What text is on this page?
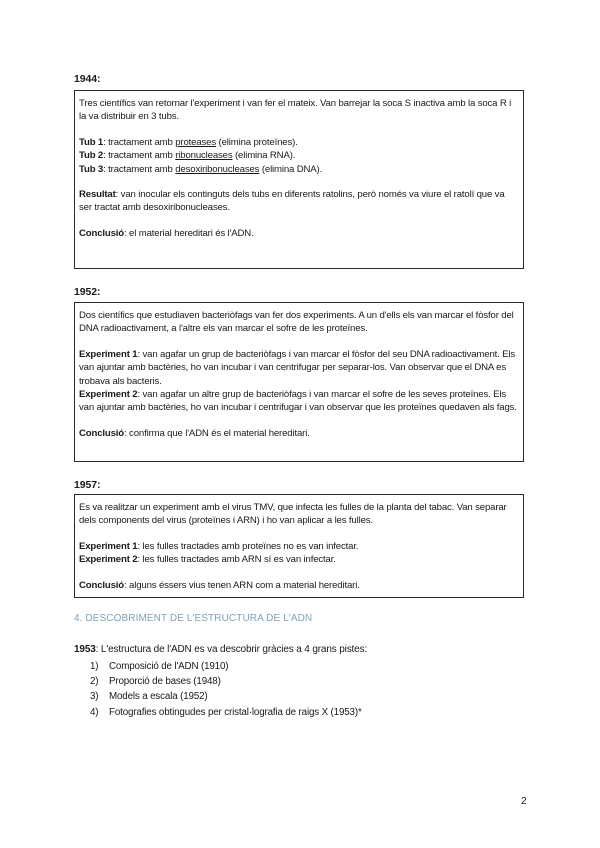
1944:

Tres científics van retornar l'experiment i van fer el mateix. Van barrejar la soca S inactiva amb la soca R i la va distribuir en 3 tubs.

Tub 1: tractament amb proteases (elimina proteïnes).

Tub 2: tractament amb ribonucleases (elimina RNA).

Tub 3: tractament amb desoxiribonucleases (elimina DNA).

Resultat: van inocular els continguts dels tubs en diferents ratolins, però només va viure el ratolí que va ser tractat amb desoxiribonucleases.

Conclusió: el material hereditari és l'ADN.

1952:

Dos científics que estudiaven bacteriòfags van fer dos experiments. A un d'ells els van marcar el fòsfor del DNA radioactivament, a l'altre els van marcar el sofre de les proteïnes.

Experiment 1: van agafar un grup de bacteriòfags i van marcar el fòsfor del seu DNA radioactivament. Els van ajuntar amb bactèries, ho van incubar i van centrifugar per separar-los. Van observar que el DNA es trobava als bacteris.

Experiment 2: van agafar un altre grup de bacteriòfags i van marcar el sofre de les seves proteïnes. Els van ajuntar amb bactèries, ho van incubar i centrifugar i van observar que les proteïnes quedaven als fags.

Conclusió: confirma que l'ADN és el material hereditari.

1957:

Es va realitzar un experiment amb el virus TMV, que infecta les fulles de la planta del tabac. Van separar dels components del virus (proteïnes i ARN) i ho van aplicar a les fulles.

Experiment 1: les fulles tractades amb proteïnes no es van infectar.

Experiment 2: les fulles tractades amb ARN sí es van infectar.

Conclusió: alguns éssers vius tenen ARN com a material hereditari.

4. DESCOBRIMENT DE L'ESTRUCTURA DE L'ADN
1953: L'estructura de l'ADN es va descobrir gràcies a 4 grans pistes:
1) Composició de l'ADN (1910)
2) Proporció de bases (1948)
3) Models a escala (1952)
4) Fotografies obtingudes per cristal·lografia de raigs X (1953)*
2
